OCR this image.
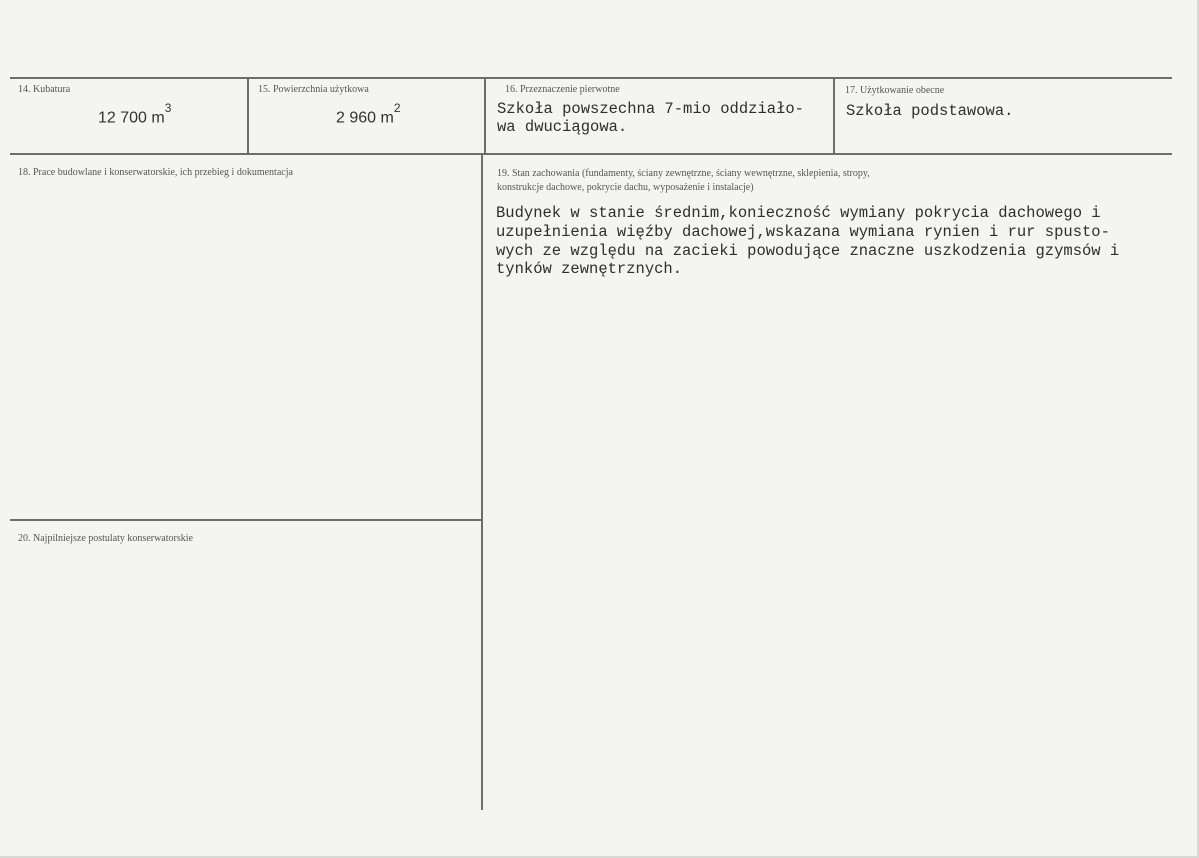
14. Kubatura
12 700 $m^3$
15. Powierzchnia użytkowa
2 960 $m^2$
16. Przeznaczenie pierwotne
Szkoła powszechna 7-mio oddziało-
wa dwuciągowa.
17. Użytkowanie obecne
Szkoła podstawowa.
18. Prace budowlane i konserwatorskie, ich przebieg i dokumentacja	19. Stan zachowania (fundamenty, ściany zewnętrzne, ściany wewnętrzne, sklepienia, stropy,
konstrukcje dachowe, pokrycie dachu, wyposażenie i instalacje)
Budynek w stanie średnim,konieczność wymiany pokrycia dachowego i
uzupełnienia więźby dachowej,wskazana wymiana rynien i rur spusto-
wych ze względu na zacieki powodujące znaczne uszkodzenia gzymsów i
tynków zewnętrznych.
20. Najpilniejsze postulaty konserwatorskie
